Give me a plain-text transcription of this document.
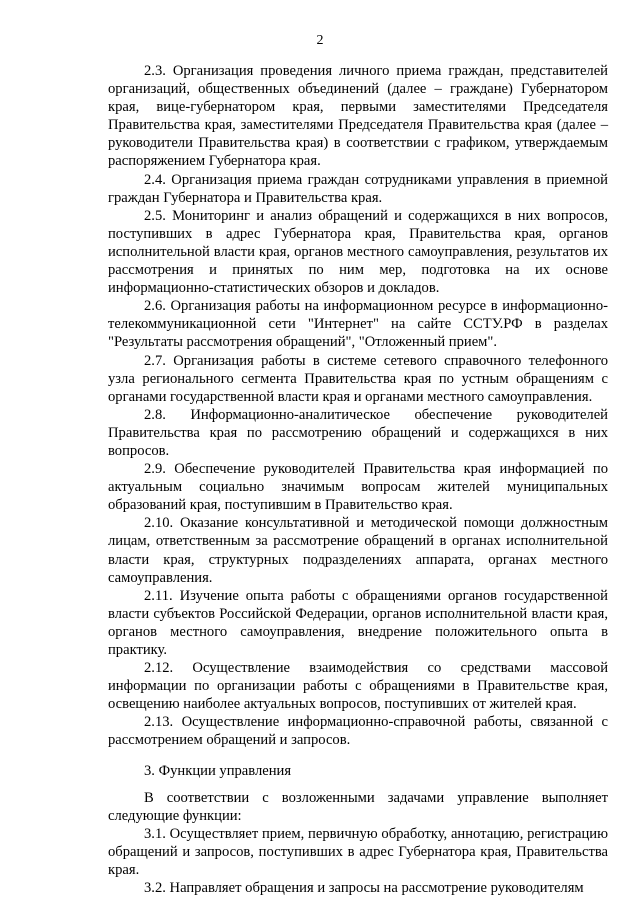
2

2.3. Организация проведения личного приема граждан, представителей организаций, общественных объединений (далее – граждане) Губернатором края, вице-губернатором края, первыми заместителями Председателя Правительства края, заместителями Председателя Правительства края (далее – руководители Правительства края) в соответствии с графиком, утверждаемым распоряжением Губернатора края.

2.4. Организация приема граждан сотрудниками управления в приемной граждан Губернатора и Правительства края.

2.5. Мониторинг и анализ обращений и содержащихся в них вопросов, поступивших в адрес Губернатора края, Правительства края, органов исполнительной власти края, органов местного самоуправления, результатов их рассмотрения и принятых по ним мер, подготовка на их основе информационно-статистических обзоров и докладов.

2.6. Организация работы на информационном ресурсе в информационно-телекоммуникационной сети "Интернет" на сайте ССТУ.РФ в разделах "Результаты рассмотрения обращений", "Отложенный прием".

2.7. Организация работы в системе сетевого справочного телефонного узла регионального сегмента Правительства края по устным обращениям с органами государственной власти края и органами местного самоуправления.

2.8. Информационно-аналитическое обеспечение руководителей Правительства края по рассмотрению обращений и содержащихся в них вопросов.

2.9. Обеспечение руководителей Правительства края информацией по актуальным социально значимым вопросам жителей муниципальных образований края, поступившим в Правительство края.

2.10. Оказание консультативной и методической помощи должностным лицам, ответственным за рассмотрение обращений в органах исполнительной власти края, структурных подразделениях аппарата, органах местного самоуправления.

2.11. Изучение опыта работы с обращениями органов государственной власти субъектов Российской Федерации, органов исполнительной власти края, органов местного самоуправления, внедрение положительного опыта в практику.

2.12. Осуществление взаимодействия со средствами массовой информации по организации работы с обращениями в Правительстве края, освещению наиболее актуальных вопросов, поступивших от жителей края.

2.13. Осуществление информационно-справочной работы, связанной с рассмотрением обращений и запросов.

3. Функции управления

В соответствии с возложенными задачами управление выполняет следующие функции:

3.1. Осуществляет прием, первичную обработку, аннотацию, регистрацию обращений и запросов, поступивших в адрес Губернатора края, Правительства края.

3.2. Направляет обращения и запросы на рассмотрение руководителям
